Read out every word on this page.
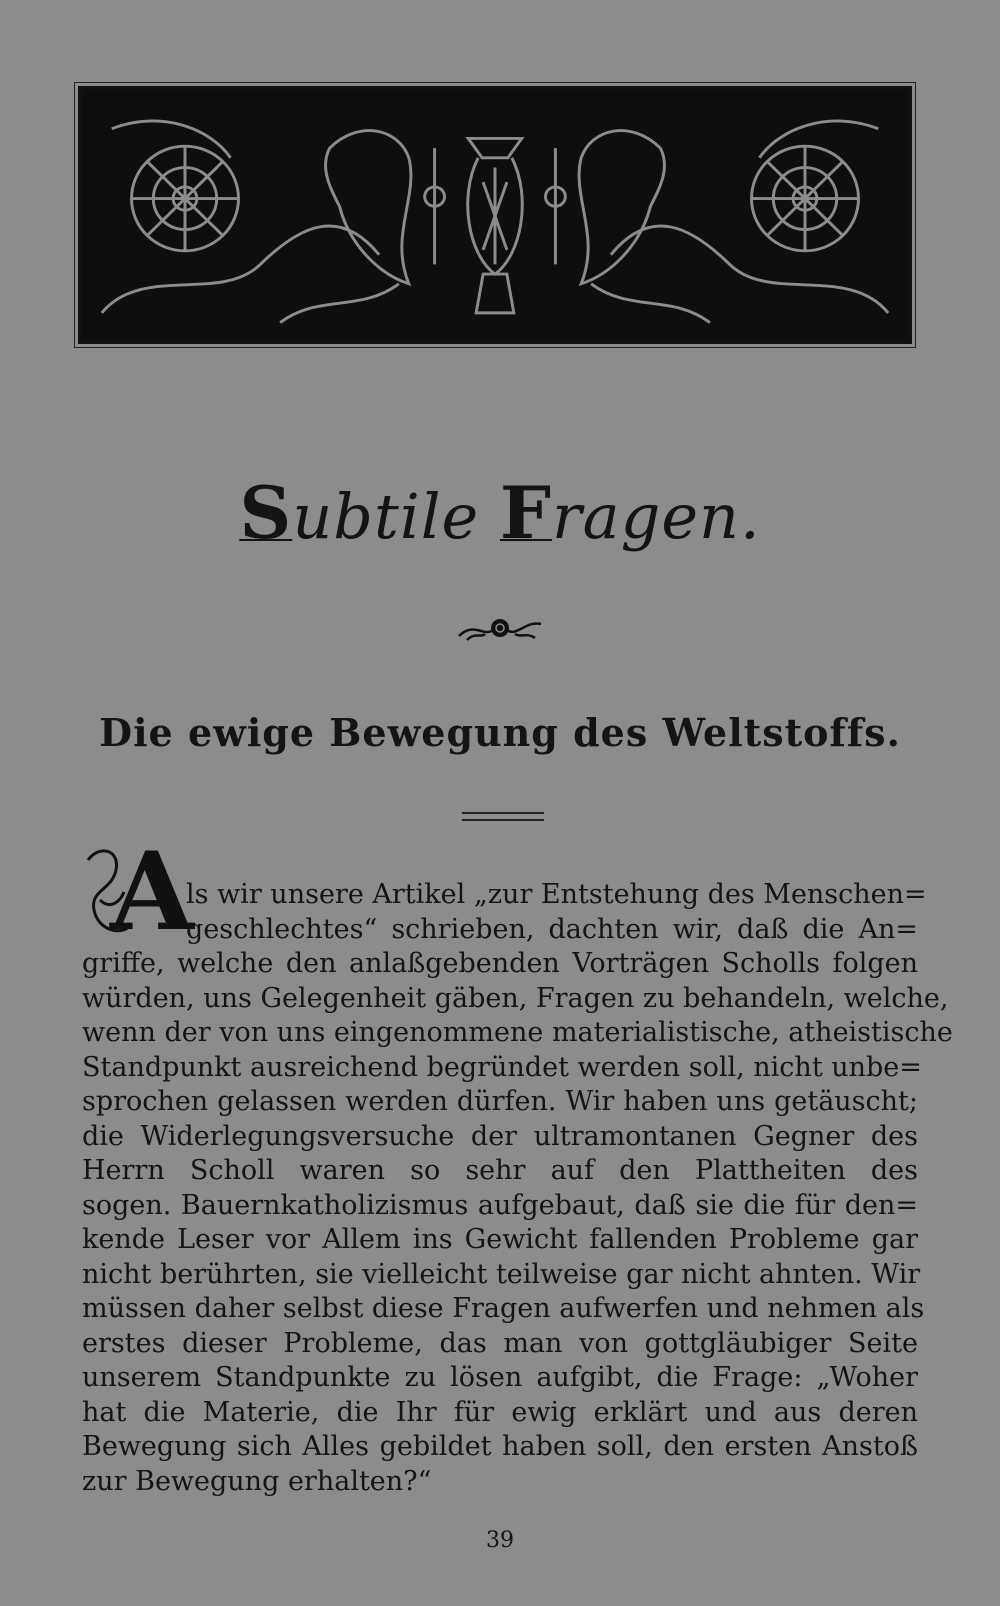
Subtile Fragen.
Die ewige Bewegung des Weltstoffs.
A
ls wir unsere Artikel „zur Entstehung des Menschen=
geschlechtes“ schrieben, dachten wir, daß die An=
griffe, welche den anlaßgebenden Vorträgen Scholls folgen
würden, uns Gelegenheit gäben, Fragen zu behandeln, welche,
wenn der von uns eingenommene materialistische, atheistische
Standpunkt ausreichend begründet werden soll, nicht unbe=
sprochen gelassen werden dürfen. Wir haben uns getäuscht;
die Widerlegungsversuche der ultramontanen Gegner des
Herrn Scholl waren so sehr auf den Plattheiten des
sogen. Bauernkatholizismus aufgebaut, daß sie die für den=
kende Leser vor Allem ins Gewicht fallenden Probleme gar
nicht berührten, sie vielleicht teilweise gar nicht ahnten. Wir
müssen daher selbst diese Fragen aufwerfen und nehmen als
erstes dieser Probleme, das man von gottgläubiger Seite
unserem Standpunkte zu lösen aufgibt, die Frage: „Woher
hat die Materie, die Ihr für ewig erklärt und aus deren
Bewegung sich Alles gebildet haben soll, den ersten Anstoß
zur Bewegung erhalten?“
39
